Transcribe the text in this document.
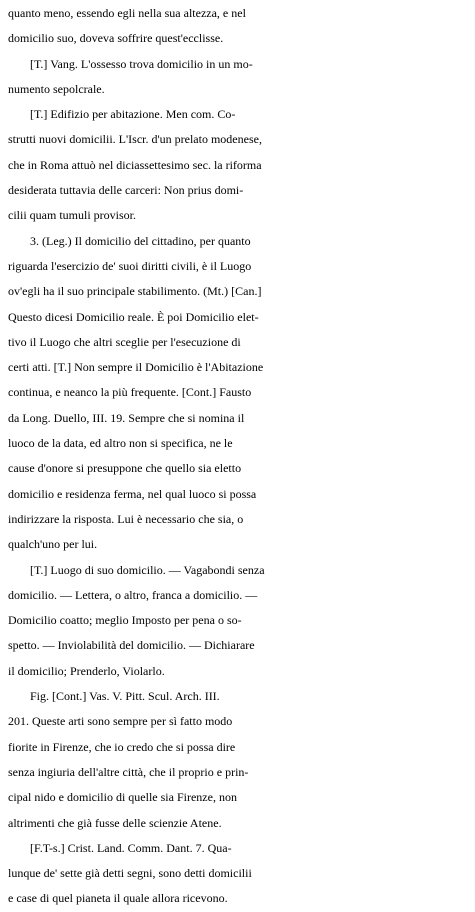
quanto meno, essendo egli nella sua altezza, e nel
domicilio suo, doveva soffrire quest'ecclisse.
[T.] Vang. L'ossesso trova domicilio in un mo-
numento sepolcrale.
[T.] Edifizio per abitazione. Men com. Co-
strutti nuovi domicilii. L'Iscr. d'un prelato modenese,
che in Roma attuò nel diciassettesimo sec. la riforma
desiderata tuttavia delle carceri: Non prius domi-
cilii quam tumuli provisor.
3. (Leg.) Il domicilio del cittadino, per quanto
riguarda l'esercizio de' suoi diritti civili, è il Luogo
ov'egli ha il suo principale stabilimento. (Mt.) [Can.]
Questo dicesi Domicilio reale. È poi Domicilio elet-
tivo il Luogo che altri sceglie per l'esecuzione di
certi atti. [T.] Non sempre il Domicilio è l'Abitazione
continua, e neanco la più frequente. [Cont.] Fausto
da Long. Duello, III. 19. Sempre che si nomina il
luoco de la data, ed altro non si specifica, ne le
cause d'onore si presuppone che quello sia eletto
domicilio e residenza ferma, nel qual luoco si possa
indirizzare la risposta. Lui è necessario che sia, o
qualch'uno per lui.
[T.] Luogo di suo domicilio. — Vagabondi senza
domicilio. — Lettera, o altro, franca a domicilio. —
Domicilio coatto; meglio Imposto per pena o so-
spetto. — Inviolabilità del domicilio. — Dichiarare
il domicilio; Prenderlo, Violarlo.
Fig. [Cont.] Vas. V. Pitt. Scul. Arch. III.
201. Queste arti sono sempre per sì fatto modo
fiorite in Firenze, che io credo che si possa dire
senza ingiuria dell'altre città, che il proprio e prin-
cipal nido e domicilio di quelle sia Firenze, non
altrimenti che già fusse delle scienzie Atene.
[F.T-s.] Crist. Land. Comm. Dant. 7. Qua-
lunque de' sette già detti segni, sono detti domicilii
e case di quel pianeta il quale allora ricevono.
